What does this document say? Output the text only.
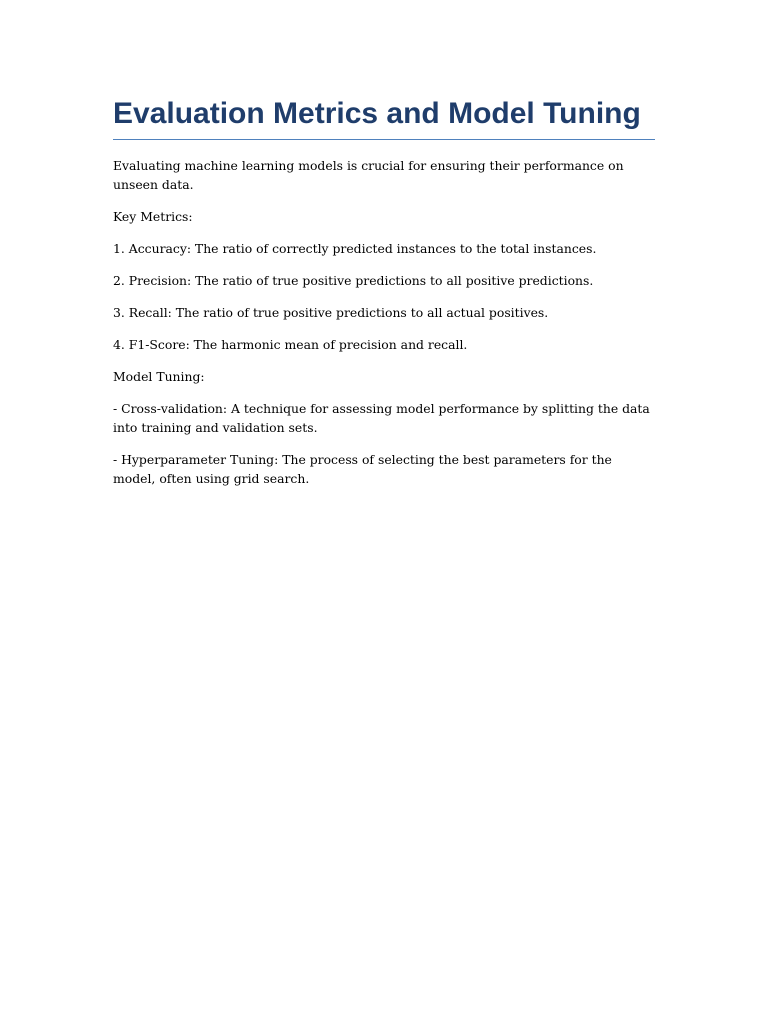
Evaluation Metrics and Model Tuning

Evaluating machine learning models is crucial for ensuring their performance on unseen data.

Key Metrics:

1. Accuracy: The ratio of correctly predicted instances to the total instances.

2. Precision: The ratio of true positive predictions to all positive predictions.

3. Recall: The ratio of true positive predictions to all actual positives.

4. F1-Score: The harmonic mean of precision and recall.

Model Tuning:

- Cross-validation: A technique for assessing model performance by splitting the data into training and validation sets.

- Hyperparameter Tuning: The process of selecting the best parameters for the model, often using grid search.
